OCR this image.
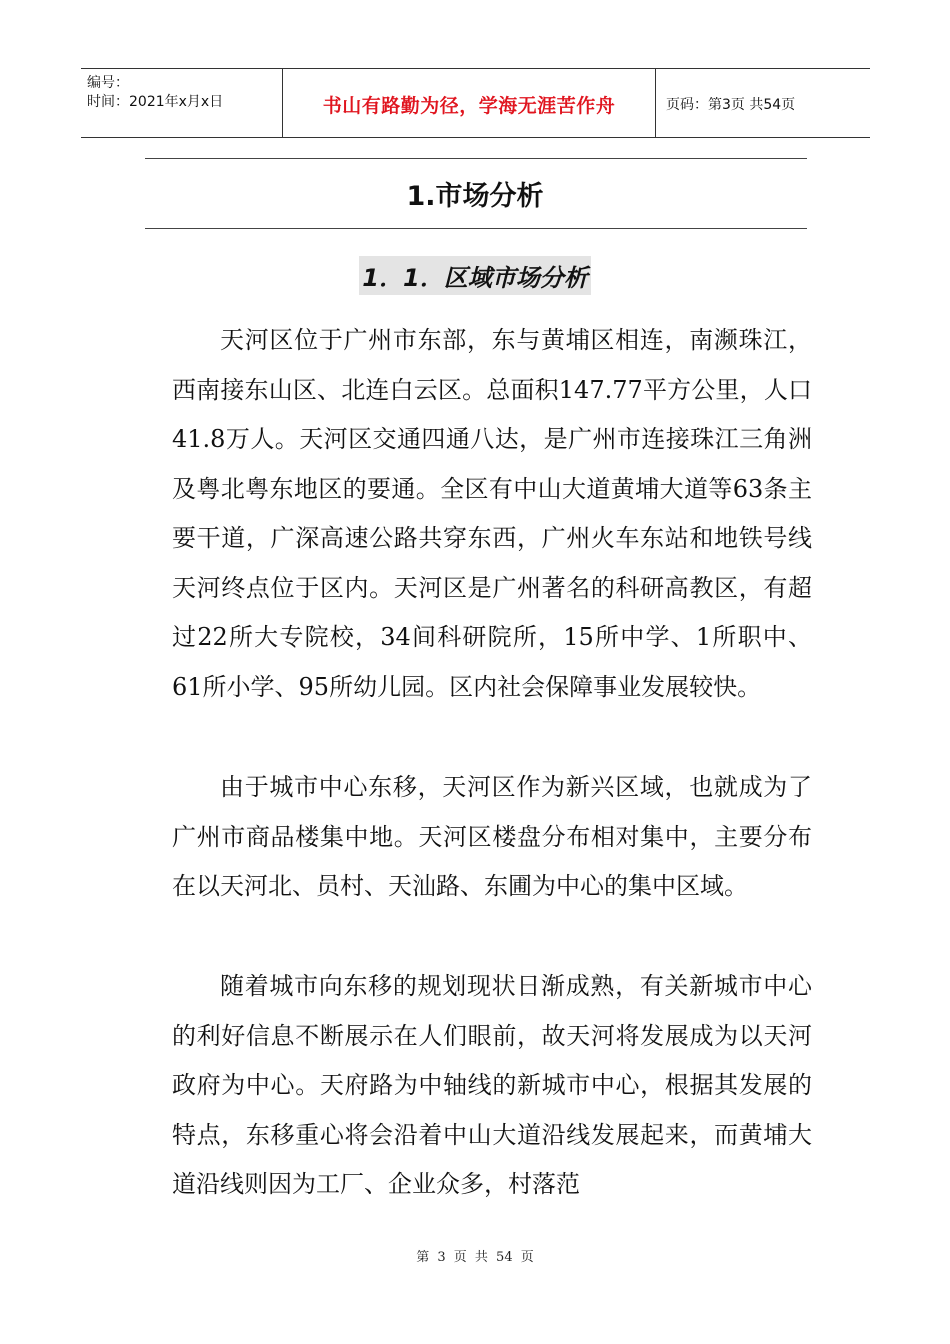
编号：
时间：2021年x月x日	书山有路勤为径，学海无涯苦作舟	页码：第3页 共54页
1.市场分析
1．1．区域市场分析

天河区位于广州市东部，东与黄埔区相连，南濒珠江，西南接东山区、北连白云区。总面积147.77平方公里，人口41.8万人。天河区交通四通八达，是广州市连接珠江三角洲及粤北粤东地区的要通。全区有中山大道黄埔大道等63条主要干道，广深高速公路共穿东西，广州火车东站和地铁号线天河终点位于区内。天河区是广州著名的科研高教区，有超过22所大专院校，34间科研院所，15所中学、1所职中、61所小学、95所幼儿园。区内社会保障事业发展较快。

由于城市中心东移，天河区作为新兴区域，也就成为了广州市商品楼集中地。天河区楼盘分布相对集中，主要分布在以天河北、员村、天汕路、东圃为中心的集中区域。

随着城市向东移的规划现状日渐成熟，有关新城市中心的利好信息不断展示在人们眼前，故天河将发展成为以天河政府为中心。天府路为中轴线的新城市中心，根据其发展的特点，东移重心将会沿着中山大道沿线发展起来，而黄埔大道沿线则因为工厂、企业众多，村落范

第 3 页 共 54 页
